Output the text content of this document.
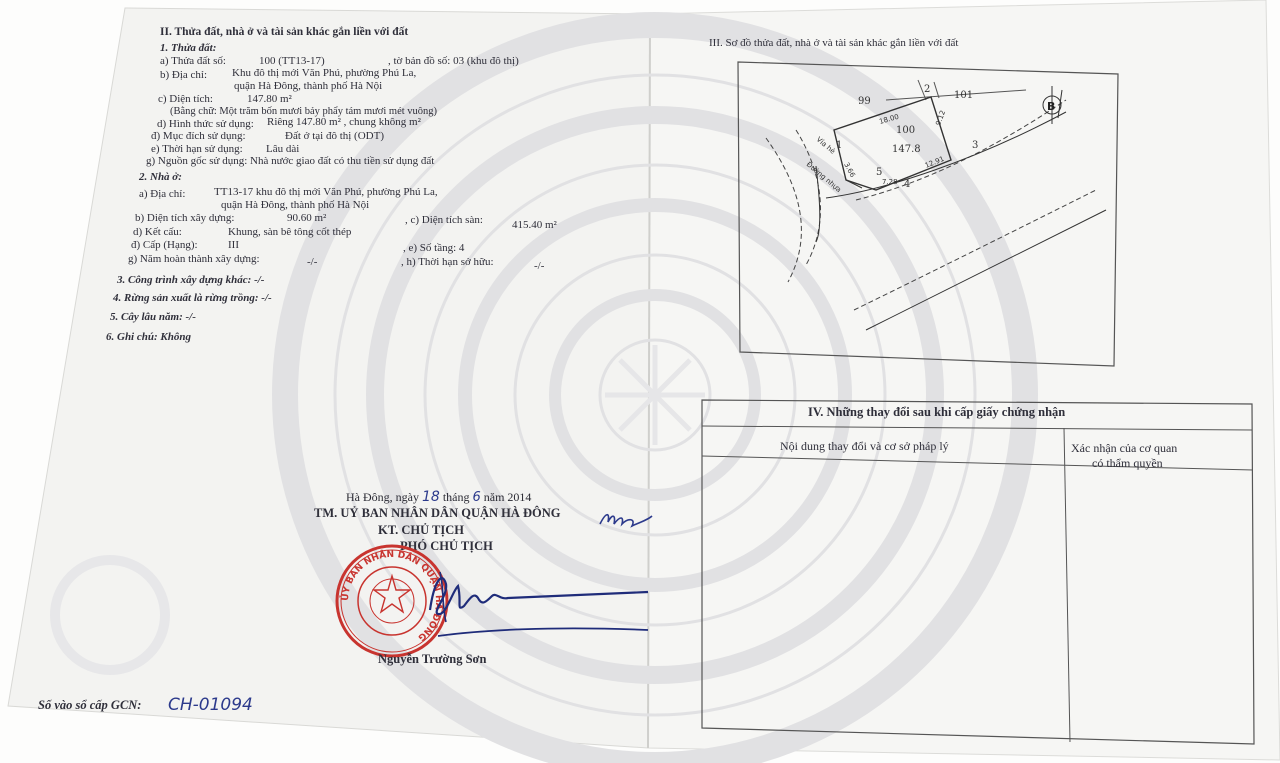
II. Thửa đất, nhà ở và tài sản khác gắn liền với đất
1. Thửa đất:
a) Thửa đất số:	100 (TT13-17)	, tờ bản đồ số: 03 (khu đô thị)
b) Địa chỉ: Khu đô thị mới Văn Phú, phường Phú La,
quận Hà Đông, thành phố Hà Nội
c) Diện tích:	147.80 m²
(Bằng chữ: Một trăm bốn mươi bảy phẩy tám mươi mét vuông)
d) Hình thức sử dụng: Riêng 147.80 m² , chung không m²
đ) Mục đích sử dụng:	Đất ở tại đô thị (ODT)
e) Thời hạn sử dụng: Lâu dài
g) Nguồn gốc sử dụng: Nhà nước giao đất có thu tiền sử dụng đất
2. Nhà ở:
a) Địa chỉ:	TT13-17 khu đô thị mới Văn Phú, phường Phú La,
quận Hà Đông, thành phố Hà Nội
b) Diện tích xây dựng:	90.60 m²	, c) Diện tích sàn:	415.40 m²
d) Kết cấu:	Khung, sàn bê tông cốt thép
đ) Cấp (Hạng):	III	, e) Số tầng: 4
g) Năm hoàn thành xây dựng:	-/-	, h) Thời hạn sở hữu:	-/-
3. Công trình xây dựng khác: -/-
4. Rừng sản xuất là rừng trồng: -/-
5. Cây lâu năm: -/-
6. Ghi chú: Không
Hà Đông, ngày 18 tháng 6 năm 2014
TM. UỶ BAN NHÂN DÂN QUẬN HÀ ĐÔNG
KT. CHỦ TỊCH
PHÓ CHỦ TỊCH
ỦY BAN NHÂN DÂN QUẬN HÀ ĐÔNG
Nguyễn Trường Sơn
Số vào sổ cấp GCN: CH-01094
III. Sơ đồ thửa đất, nhà ở và tài sản khác gắn liền với đất
B
99
2
101
100
147.8	3
4
5
1
18.00	9.12
12.91
7.28
3.66
Vỉa hè
Đường nhựa
IV. Những thay đổi sau khi cấp giấy chứng nhận
Nội dung thay đổi và cơ sở pháp lý	Xác nhận của cơ quan
có thẩm quyền
